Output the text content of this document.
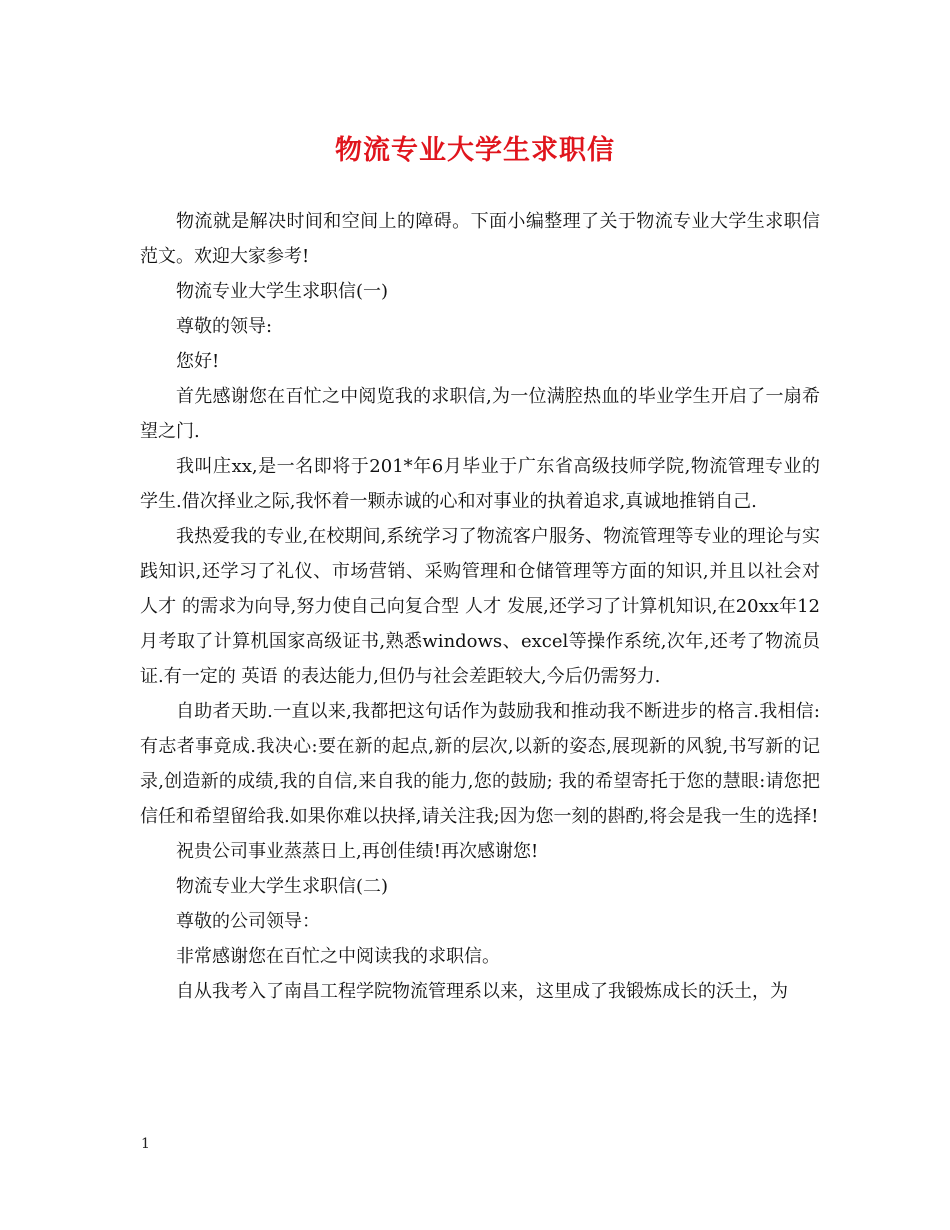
物流专业大学生求职信

物流就是解决时间和空间上的障碍。下面小编整理了关于物流专业大学生求职信范文。欢迎大家参考!

物流专业大学生求职信(一)

尊敬的领导:

您好!

首先感谢您在百忙之中阅览我的求职信,为一位满腔热血的毕业学生开启了一扇希望之门.

我叫庄xx,是一名即将于201*年6月毕业于广东省高级技师学院,物流管理专业的学生.借次择业之际,我怀着一颗赤诚的心和对事业的执着追求,真诚地推销自己.

我热爱我的专业,在校期间,系统学习了物流客户服务、物流管理等专业的理论与实践知识,还学习了礼仪、市场营销、采购管理和仓储管理等方面的知识,并且以社会对 人才 的需求为向导,努力使自己向复合型 人才 发展,还学习了计算机知识,在20xx年12月考取了计算机国家高级证书,熟悉windows、excel等操作系统,次年,还考了物流员证.有一定的 英语 的表达能力,但仍与社会差距较大,今后仍需努力.

自助者天助.一直以来,我都把这句话作为鼓励我和推动我不断进步的格言.我相信:有志者事竟成.我决心:要在新的起点,新的层次,以新的姿态,展现新的风貌,书写新的记录,创造新的成绩,我的自信,来自我的能力,您的鼓励; 我的希望寄托于您的慧眼:请您把信任和希望留给我.如果你难以抉择,请关注我;因为您一刻的斟酌,将会是我一生的选择!

祝贵公司事业蒸蒸日上,再创佳绩!再次感谢您!

物流专业大学生求职信(二)

尊敬的公司领导：

非常感谢您在百忙之中阅读我的求职信。

自从我考入了南昌工程学院物流管理系以来，这里成了我锻炼成长的沃土，为

1
